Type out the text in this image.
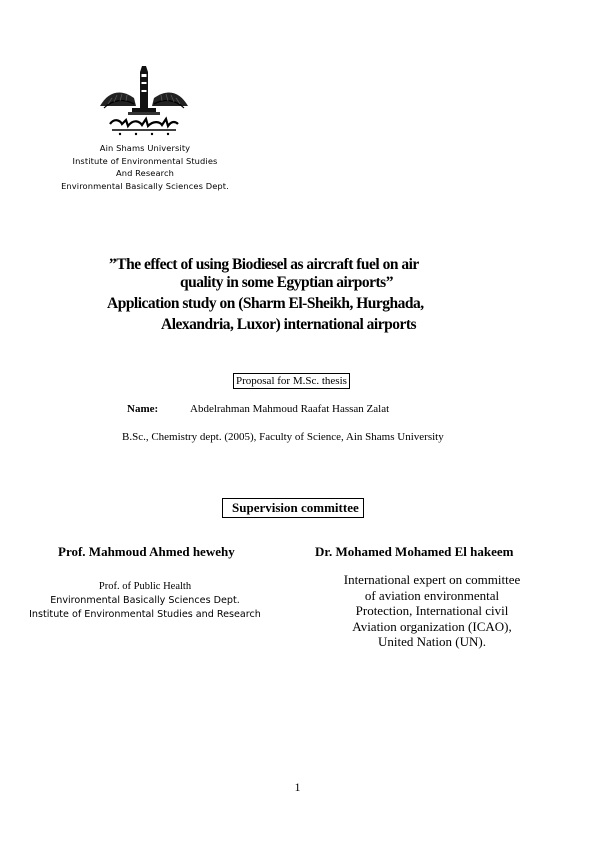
Ain Shams University
Institute of Environmental Studies
And Research
Environmental Basically Sciences Dept.
”The effect of using Biodiesel as aircraft fuel on air
quality in some Egyptian airports”
Application study on (Sharm El-Sheikh, Hurghada,
Alexandria, Luxor) international airports
Proposal for M.Sc. thesis
Name:	Abdelrahman Mahmoud Raafat Hassan Zalat
B.Sc., Chemistry dept. (2005), Faculty of Science, Ain Shams University
Supervision committee
Prof. Mahmoud Ahmed hewehy
Prof. of Public Health
Environmental Basically Sciences Dept.
Institute of Environmental Studies and Research
Dr. Mohamed Mohamed El hakeem
International expert on committee
of aviation environmental
Protection, International civil
Aviation organization (ICAO),
United Nation (UN).
1
